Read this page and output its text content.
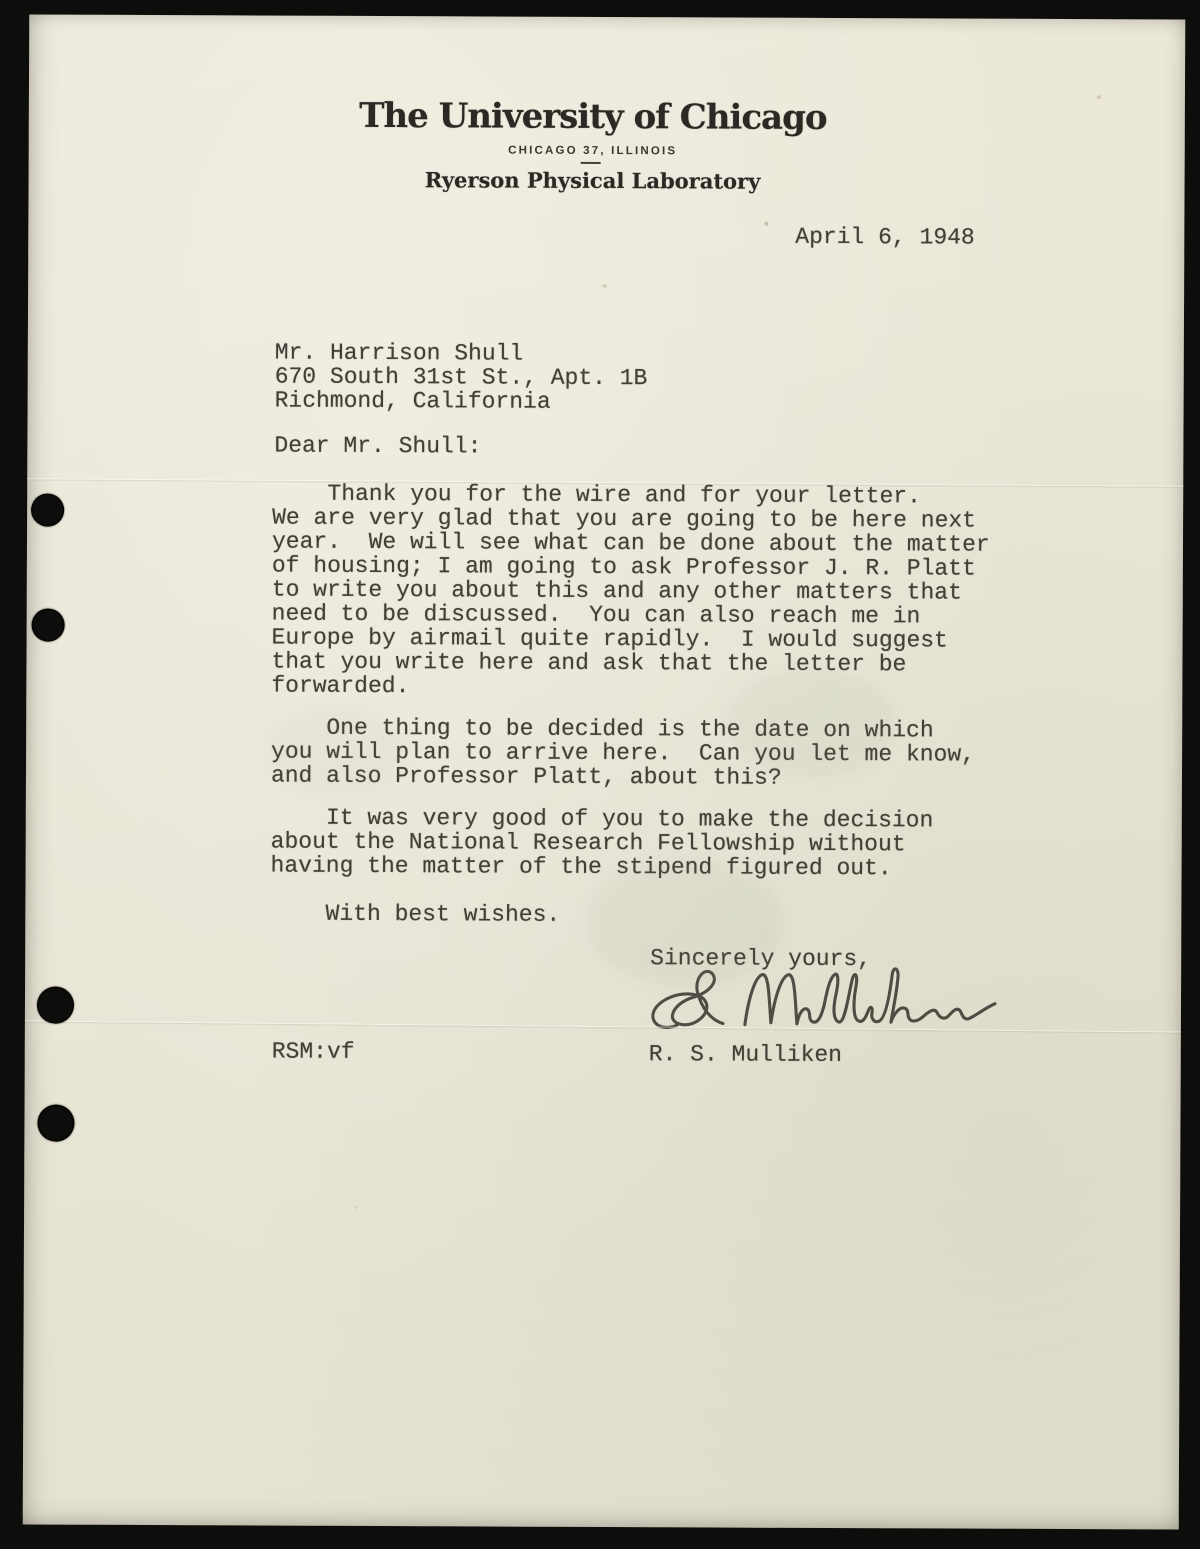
The University of Chicago
CHICAGO 37, ILLINOIS
Ryerson Physical Laboratory
April 6, 1948
Mr. Harrison Shull
670 South 31st St., Apt. 1B
Richmond, California
Dear Mr. Shull:
Thank you for the wire and for your letter.
We are very glad that you are going to be here next
year.  We will see what can be done about the matter
of housing; I am going to ask Professor J. R. Platt
to write you about this and any other matters that
need to be discussed.  You can also reach me in
Europe by airmail quite rapidly.  I would suggest
that you write here and ask that the letter be
forwarded.
One thing to be decided is the date on which
you will plan to arrive here.  Can you let me know,
and also Professor Platt, about this?
It was very good of you to make the decision
about the National Research Fellowship without
having the matter of the stipend figured out.
With best wishes.
Sincerely yours,
R. S. Mulliken
RSM:vf
